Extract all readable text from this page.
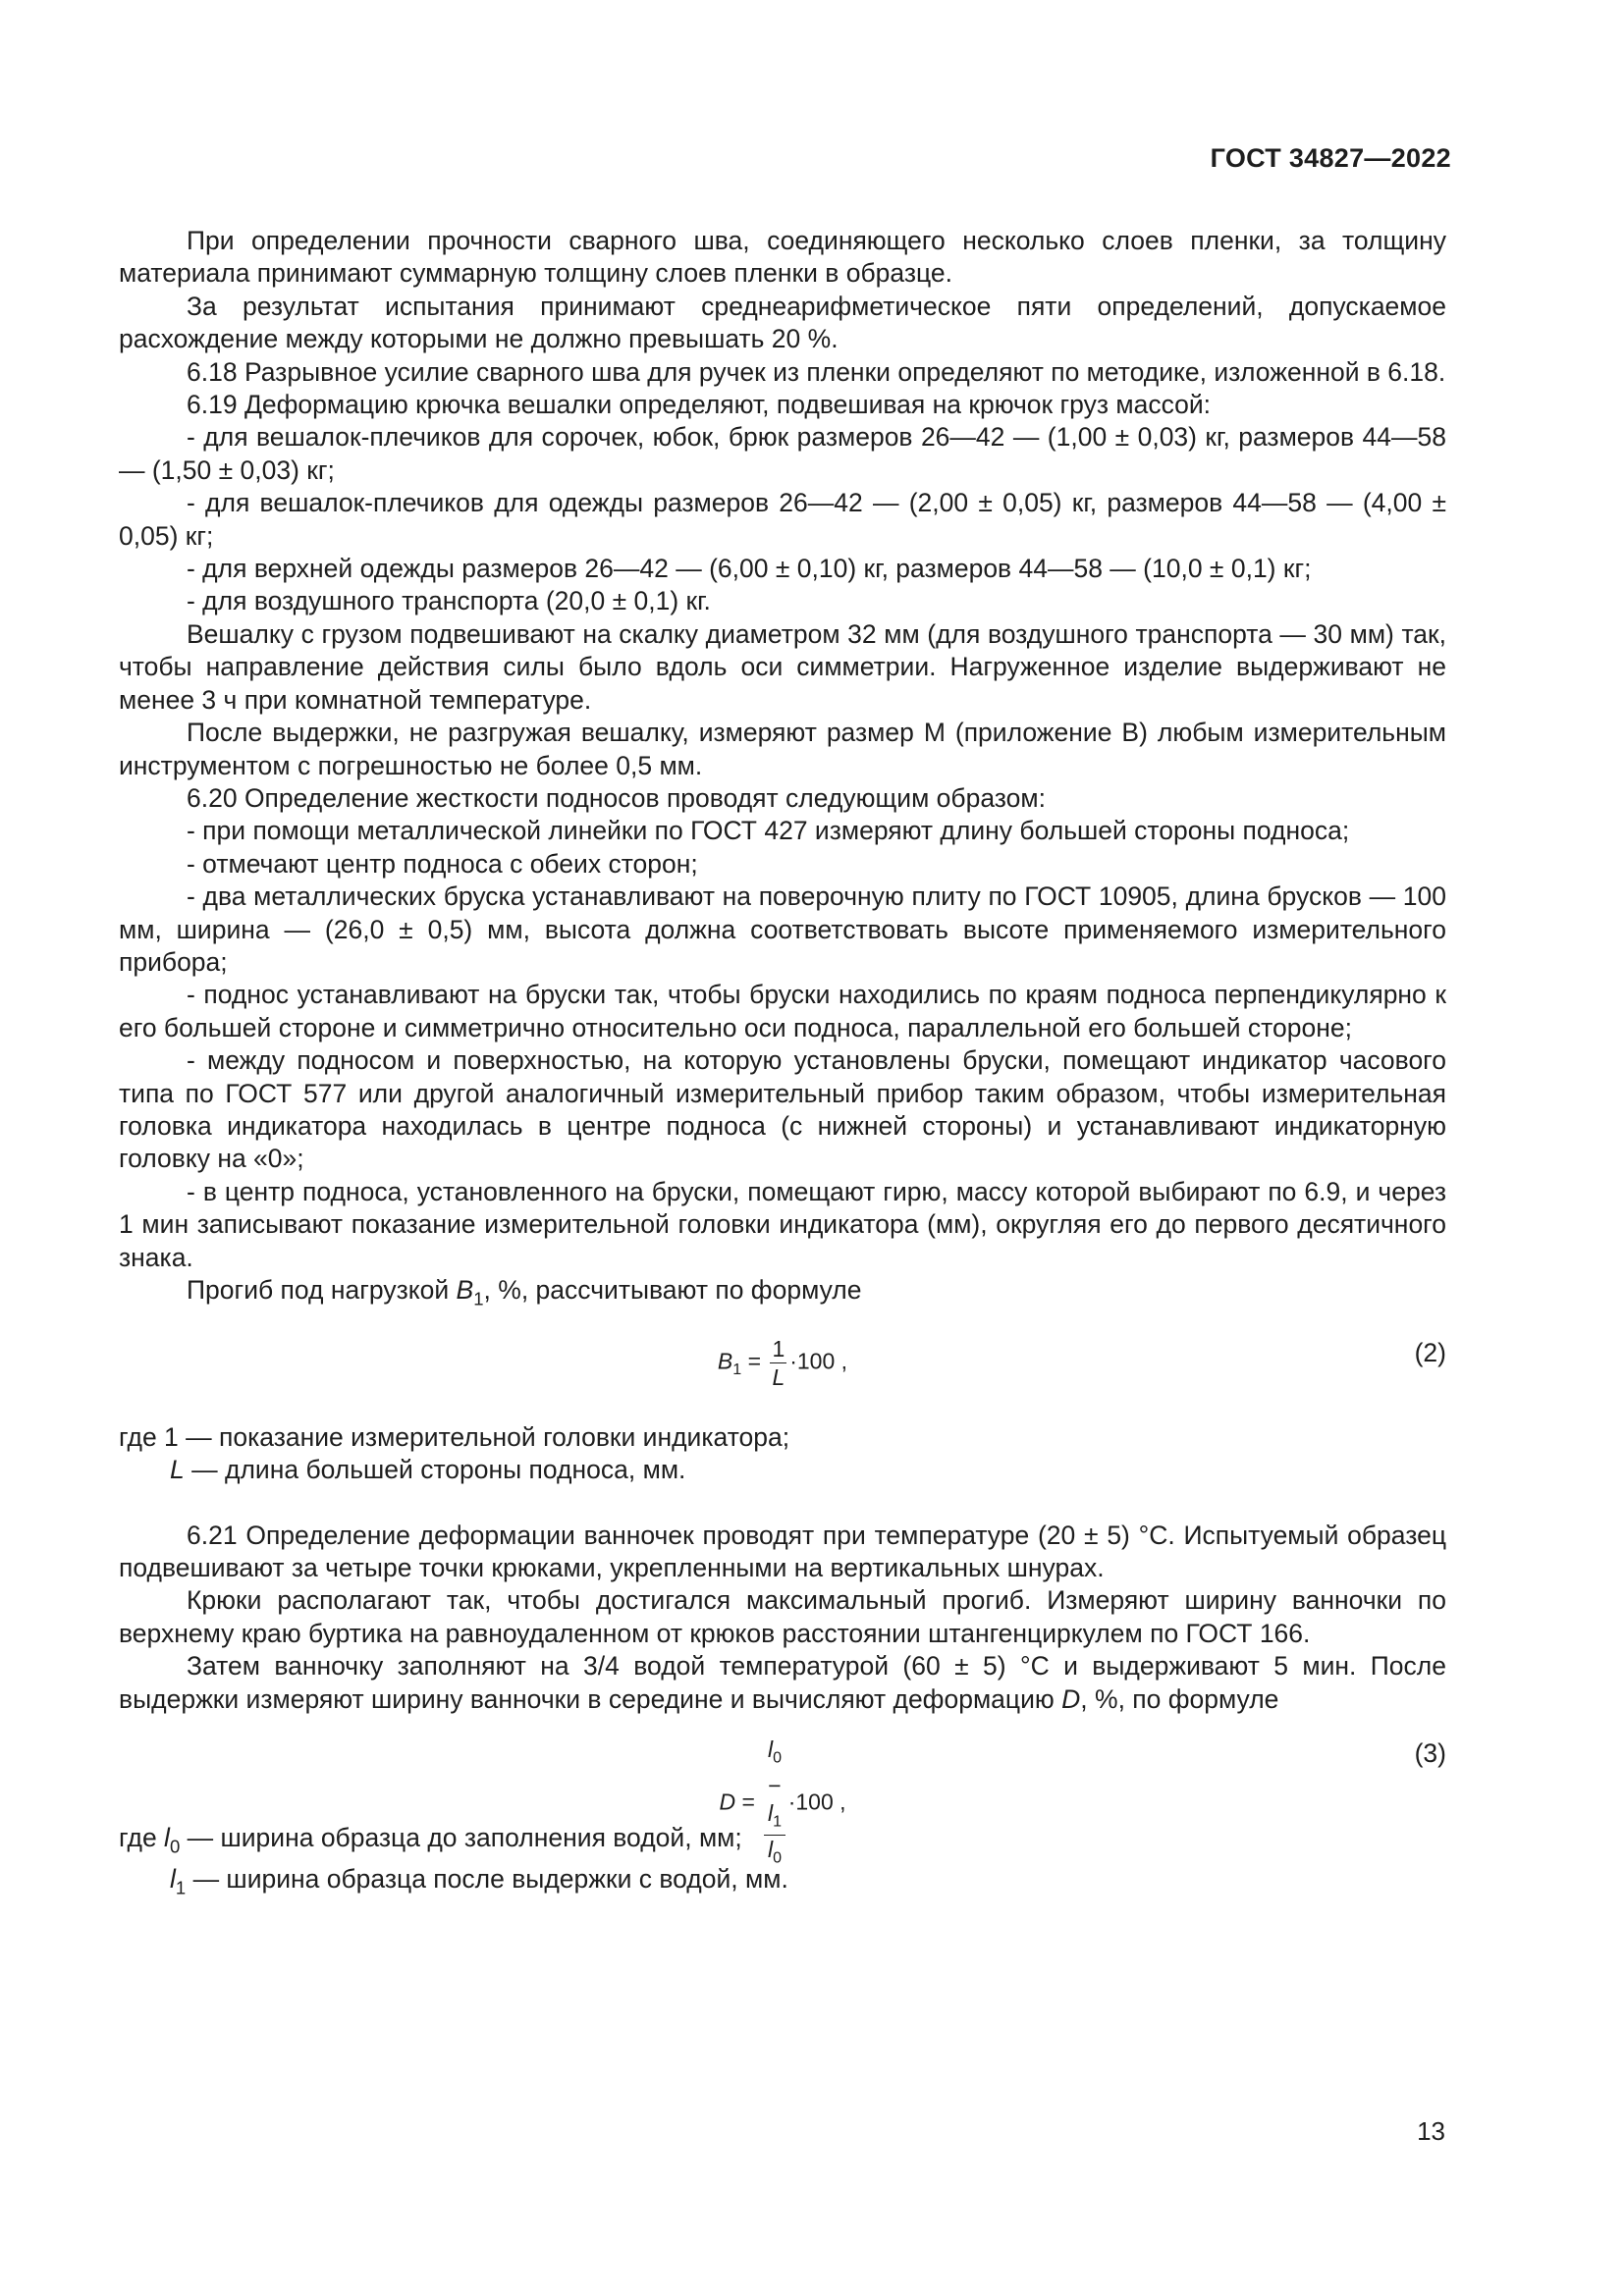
ГОСТ 34827—2022

При определении прочности сварного шва, соединяющего несколько слоев пленки, за толщину материала принимают суммарную толщину слоев пленки в образце.

За результат испытания принимают среднеарифметическое пяти определений, допускаемое расхождение между которыми не должно превышать 20 %.

6.18 Разрывное усилие сварного шва для ручек из пленки определяют по методике, изложенной в 6.18.

6.19 Деформацию крючка вешалки определяют, подвешивая на крючок груз массой:

- для вешалок-плечиков для сорочек, юбок, брюк размеров 26—42 — (1,00 ± 0,03) кг, размеров 44—58 — (1,50 ± 0,03) кг;

- для вешалок-плечиков для одежды размеров 26—42 — (2,00 ± 0,05) кг, размеров 44—58 — (4,00 ± 0,05) кг;

- для верхней одежды размеров 26—42 — (6,00 ± 0,10) кг, размеров 44—58 — (10,0 ± 0,1) кг;

- для воздушного транспорта (20,0 ± 0,1) кг.

Вешалку с грузом подвешивают на скалку диаметром 32 мм (для воздушного транспорта — 30 мм) так, чтобы направление действия силы было вдоль оси симметрии. Нагруженное изделие выдерживают не менее 3 ч при комнатной температуре.

После выдержки, не разгружая вешалку, измеряют размер М (приложение В) любым измерительным инструментом с погрешностью не более 0,5 мм.

6.20 Определение жесткости подносов проводят следующим образом:

- при помощи металлической линейки по ГОСТ 427 измеряют длину большей стороны подноса;

- отмечают центр подноса с обеих сторон;

- два металлических бруска устанавливают на поверочную плиту по ГОСТ 10905, длина брусков — 100 мм, ширина — (26,0 ± 0,5) мм, высота должна соответствовать высоте применяемого измерительного прибора;

- поднос устанавливают на бруски так, чтобы бруски находились по краям подноса перпендикулярно к его большей стороне и симметрично относительно оси подноса, параллельной его большей стороне;

- между подносом и поверхностью, на которую установлены бруски, помещают индикатор часового типа по ГОСТ 577 или другой аналогичный измерительный прибор таким образом, чтобы измерительная головка индикатора находилась в центре подноса (с нижней стороны) и устанавливают индикаторную головку на «0»;

- в центр подноса, установленного на бруски, помещают гирю, массу которой выбирают по 6.9, и через 1 мин записывают показание измерительной головки индикатора (мм), округляя его до первого десятичного знака.

Прогиб под нагрузкой $B_1$, %, рассчитывают по формуле

$B_1 = \frac{1}{L} \cdot 100$ ,	(2)

где 1 — показание измерительной головки индикатора;

L — длина большей стороны подноса, мм.

6.21 Определение деформации ванночек проводят при температуре (20 ± 5) °С. Испытуемый образец подвешивают за четыре точки крюками, укрепленными на вертикальных шнурах.

Крюки располагают так, чтобы достигался максимальный прогиб. Измеряют ширину ванночки по верхнему краю буртика на равноудаленном от крюков расстоянии штангенциркулем по ГОСТ 166.

Затем ванночку заполняют на 3/4 водой температурой (60 ± 5) °С и выдерживают 5 мин. После выдержки измеряют ширину ванночки в середине и вычисляют деформацию D, %, по формуле

$D = l_0$
−
$l_1$
$l_0 \cdot 100$ ,
(3)

где $l_0$ — ширина образца до заполнения водой, мм;

$l_1$ — ширина образца после выдержки с водой, мм.

13
